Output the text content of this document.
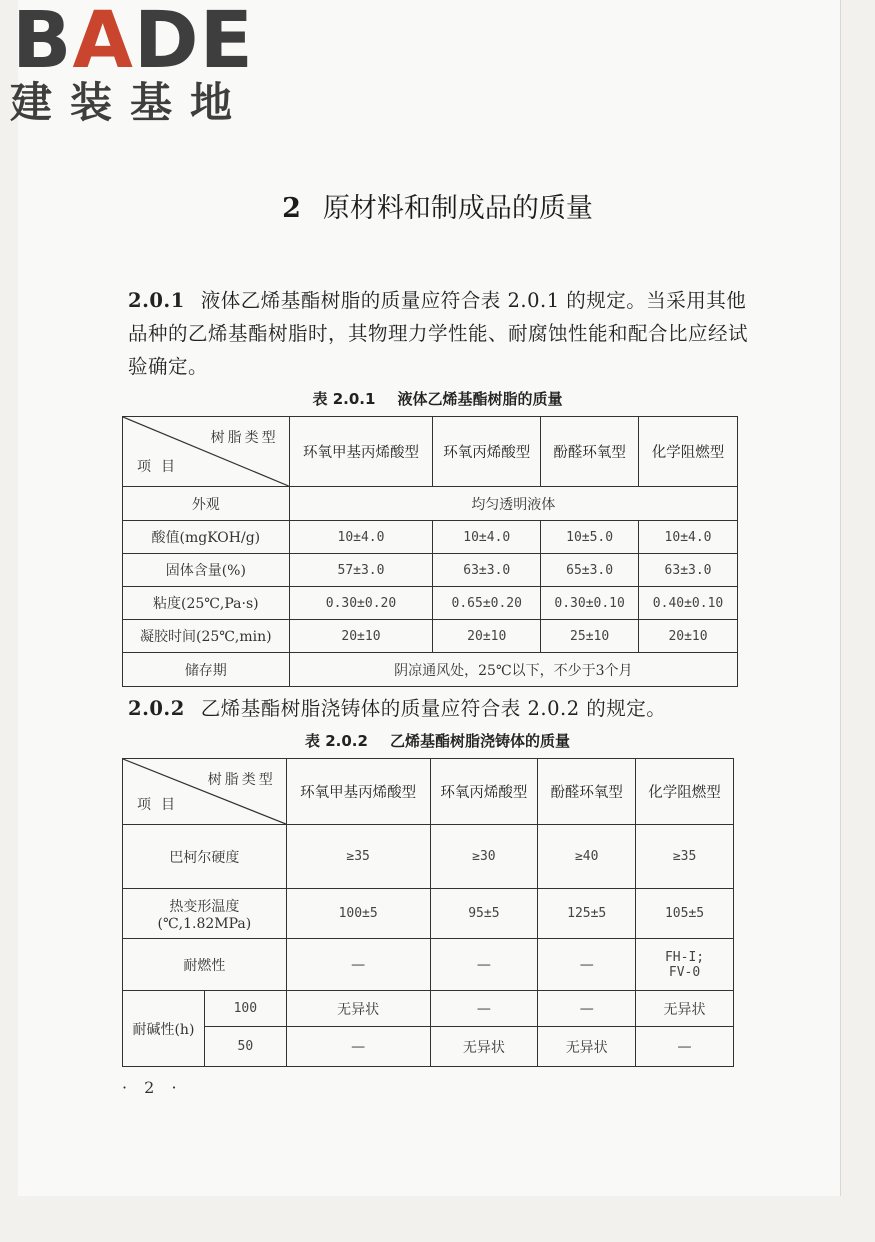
BADE
建装基地
2 原材料和制成品的质量
2.0.1 液体乙烯基酯树脂的质量应符合表 2.0.1 的规定。当采用其他品种的乙烯基酯树脂时，其物理力学性能、耐腐蚀性能和配合比应经试验确定。
表 2.0.1 液体乙烯基酯树脂的质量
树脂类型
项目	环氧甲基丙烯酸型	环氧丙烯酸型	酚醛环氧型	化学阻燃型
外观	均匀透明液体			
酸值(mgKOH/g)	10±4.0	10±4.0	10±5.0	10±4.0
固体含量(%)	57±3.0	63±3.0	65±3.0	63±3.0
粘度(25℃,Pa·s)	0.30±0.20	0.65±0.20	0.30±0.10	0.40±0.10
凝胶时间(25℃,min)	20±10	20±10	25±10	20±10
储存期	阴凉通风处，25℃以下，不少于3个月			
2.0.2 乙烯基酯树脂浇铸体的质量应符合表 2.0.2 的规定。
表 2.0.2 乙烯基酯树脂浇铸体的质量
树脂类型
项目		环氧甲基丙烯酸型	环氧丙烯酸型	酚醛环氧型	化学阻燃型
巴柯尔硬度		≥35	≥30	≥40	≥35

热变形温度
(℃,1.82MPa)		100±5	95±5	125±5	105±5
耐燃性		—	—	—	FH-I;
FV-0

耐碱性(h)	100	无异状	—	—	无异状
	50	—	无异状	无异状	—
· 2 ·
